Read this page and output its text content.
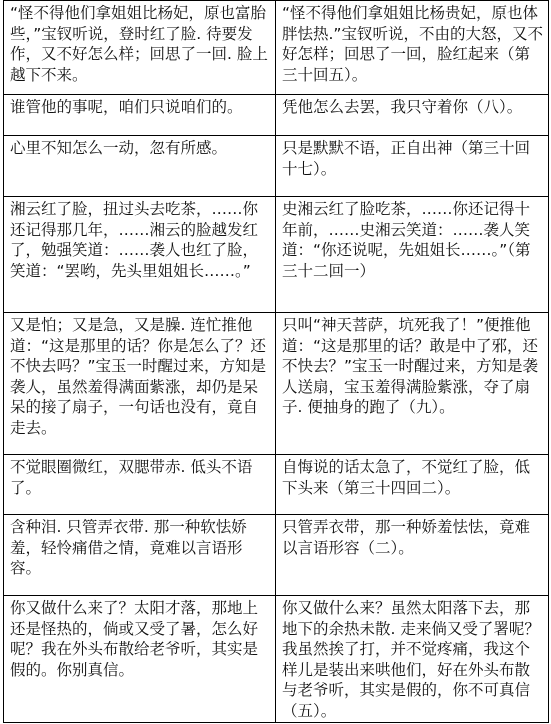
“怪不得他们拿姐姐比杨妃，原也富胎些，”宝钗听说，登时红了脸. 待要发作，又不好怎么样；回思了一回. 脸上越下不来。	“怪不得他们拿姐姐比杨贵妃，原也体胖怯热.”宝钗听说，不由的大怒，又不好怎样；回思了一回，脸红起来（第三十回五）。
谁管他的事呢，咱们只说咱们的。	凭他怎么去罢，我只守着你（八）。
心里不知怎么一动，忽有所感。	只是默默不语，正自出神（第三十回十七）。
湘云红了脸，扭过头去吃茶，……你还记得那几年，……湘云的脸越发红了，勉强笑道：……袭人也红了脸，笑道：“罢哟，先头里姐姐长……。”	史湘云红了脸吃茶，……你还记得十年前，……史湘云笑道：……袭人笑道：“你还说呢，先姐姐长……。”（第三十二回一）
又是怕；又是急，又是臊. 连忙推他道：“这是那里的话？你是怎么了？还不快去吗？”宝玉一时醒过来，方知是袭人，虽然羞得满面紫涨，却仍是呆呆的接了扇子，一句话也没有，竟自走去。	只叫“神天菩萨，坑死我了！”便推他道：“这是那里的话？敢是中了邪，还不快去？”宝玉一时醒过来，方知是袭人送扇，宝玉羞得满脸紫涨，夺了扇子. 便抽身的跑了（九）。
不觉眼圈微红，双腮带赤. 低头不语了。	自悔说的话太急了，不觉红了脸，低下头来（第三十四回二）。
含种泪. 只管弄衣带. 那一种软怯娇羞，轻怜痛借之情，竟难以言语形容。	只管弄衣带，那一种娇羞怯怯，竟难以言语形容（二）。
你又做什么来了？太阳才落，那地上还是怪热的，倘或又受了暑，怎么好呢？我在外头布散给老爷听，其实是假的。你别真信。	你又做什么来？虽然太阳落下去，那地下的余热未散. 走来倘又受了署呢？我虽然挨了打，并不觉疼痛，我这个样儿是装出来哄他们，好在外头布散与老爷听，其实是假的，你不可真信（五）。
